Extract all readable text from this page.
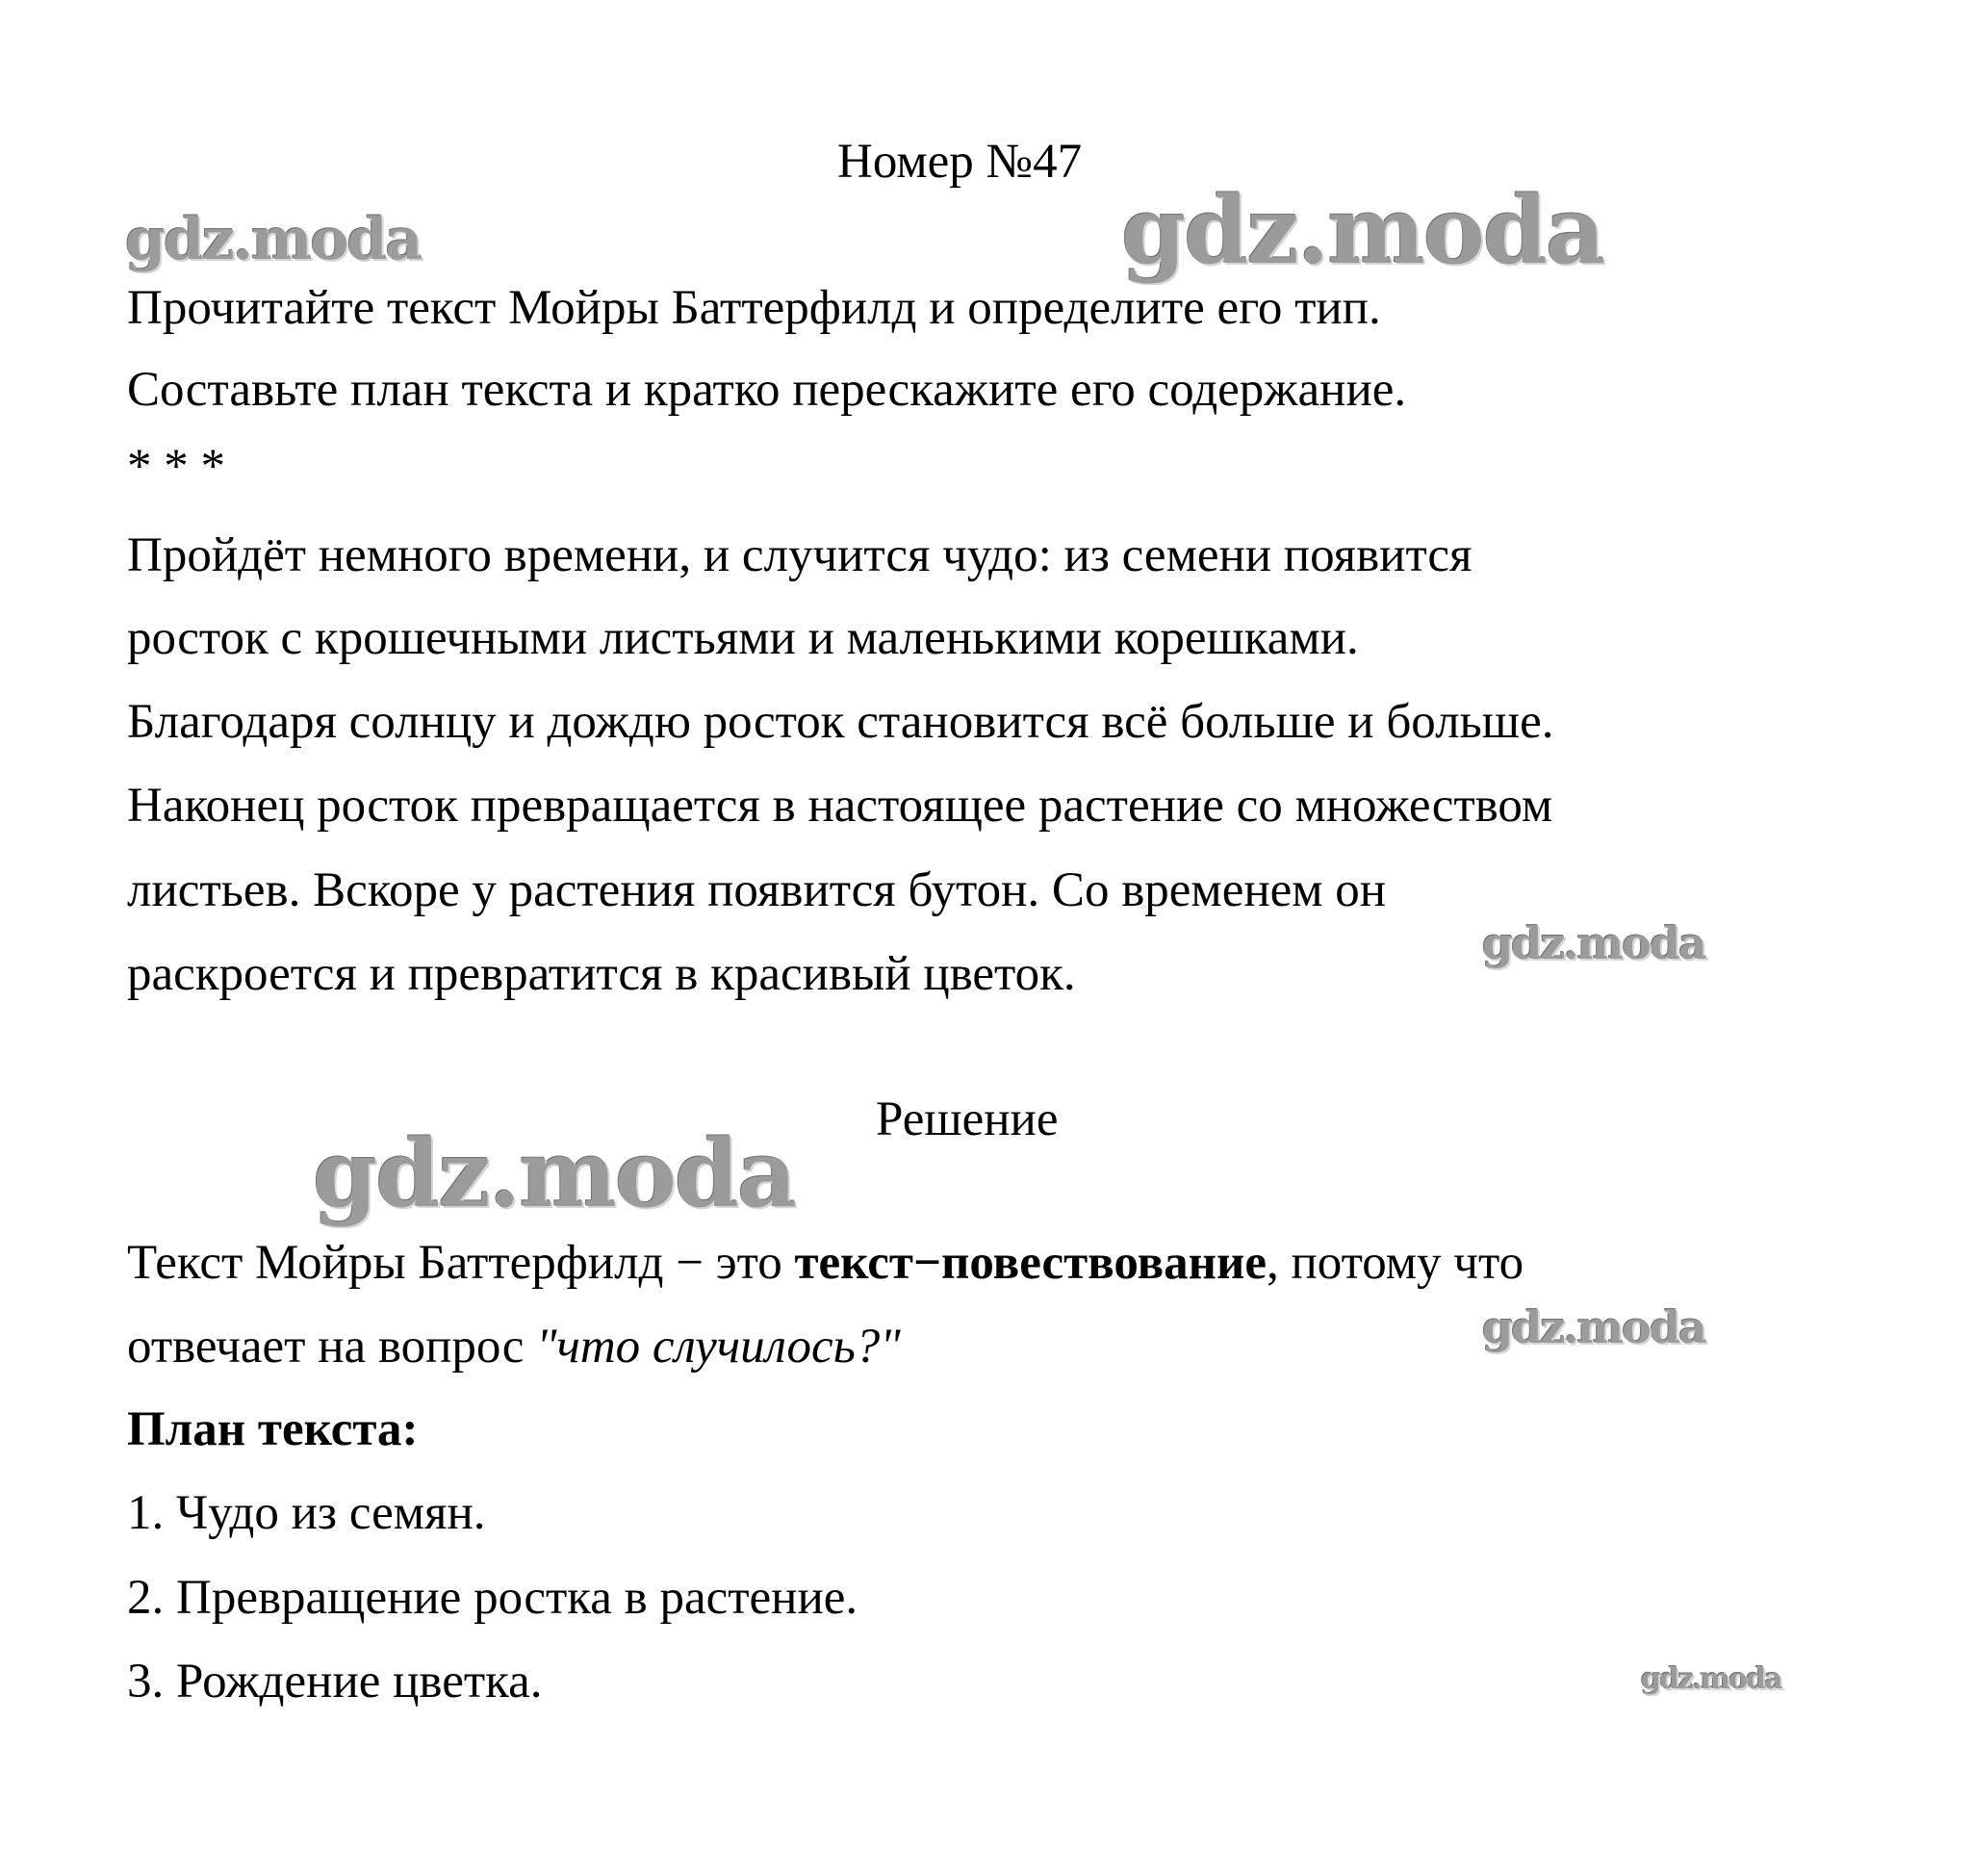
Номер №47
gdz.moda	gdz.moda
gdz.moda
gdz.moda
gdz.moda
gdz.moda
Прочитайте текст Мойры Баттерфилд и определите его тип.
Составьте план текста и кратко перескажите его содержание.
* * *
Пройдёт немного времени, и случится чудо: из семени появится
росток с крошечными листьями и маленькими корешками.
Благодаря солнцу и дождю росток становится всё больше и больше.
Наконец росток превращается в настоящее растение со множеством
листьев. Вскоре у растения появится бутон. Со временем он
раскроется и превратится в красивый цветок.
Решение
Текст Мойры Баттерфилд − это текст−повествование, потому что
отвечает на вопрос "что случилось?"
План текста:
1. Чудо из семян.
2. Превращение ростка в растение.
3. Рождение цветка.
